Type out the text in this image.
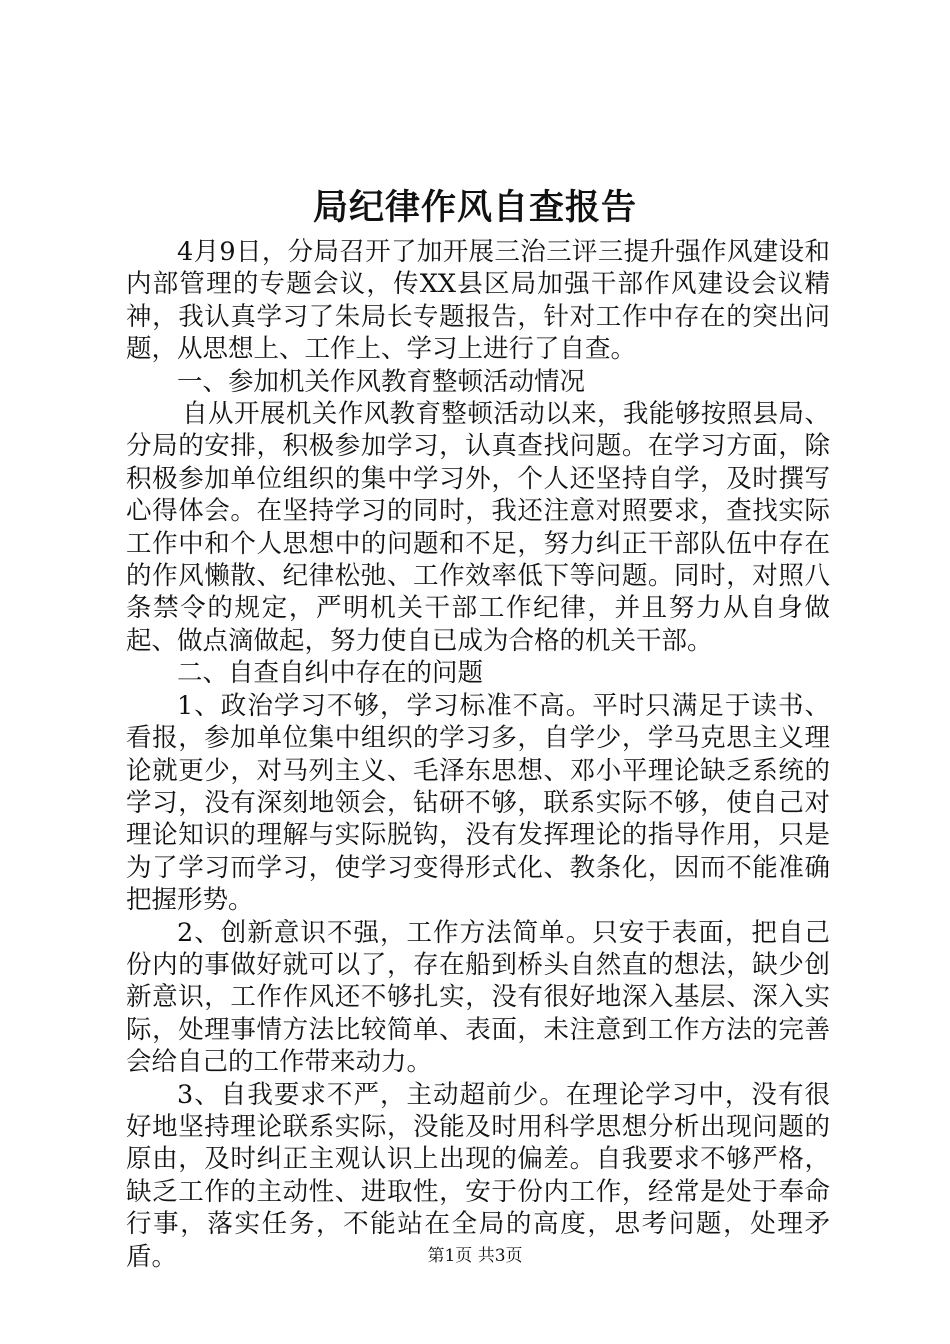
局纪律作风自查报告

4月9日，分局召开了加开展三治三评三提升强作风建设和内部管理的专题会议，传XX县区局加强干部作风建设会议精神，我认真学习了朱局长专题报告，针对工作中存在的突出问题，从思想上、工作上、学习上进行了自查。

一、参加机关作风教育整顿活动情况

自从开展机关作风教育整顿活动以来，我能够按照县局、分局的安排，积极参加学习，认真查找问题。在学习方面，除积极参加单位组织的集中学习外，个人还坚持自学，及时撰写心得体会。在坚持学习的同时，我还注意对照要求，查找实际工作中和个人思想中的问题和不足，努力纠正干部队伍中存在的作风懒散、纪律松弛、工作效率低下等问题。同时，对照八条禁令的规定，严明机关干部工作纪律，并且努力从自身做起、做点滴做起，努力使自已成为合格的机关干部。

二、自查自纠中存在的问题

1、政治学习不够，学习标准不高。平时只满足于读书、看报，参加单位集中组织的学习多，自学少，学马克思主义理论就更少，对马列主义、毛泽东思想、邓小平理论缺乏系统的学习，没有深刻地领会，钻研不够，联系实际不够，使自己对理论知识的理解与实际脱钩，没有发挥理论的指导作用，只是为了学习而学习，使学习变得形式化、教条化，因而不能准确把握形势。

2、创新意识不强，工作方法简单。只安于表面，把自己份内的事做好就可以了，存在船到桥头自然直的想法，缺少创新意识，工作作风还不够扎实，没有很好地深入基层、深入实际，处理事情方法比较简单、表面，未注意到工作方法的完善会给自己的工作带来动力。

3、自我要求不严，主动超前少。在理论学习中，没有很好地坚持理论联系实际，没能及时用科学思想分析出现问题的原由，及时纠正主观认识上出现的偏差。自我要求不够严格，缺乏工作的主动性、进取性，安于份内工作，经常是处于奉命行事，落实任务，不能站在全局的高度，思考问题，处理矛盾。	第1页 共3页
